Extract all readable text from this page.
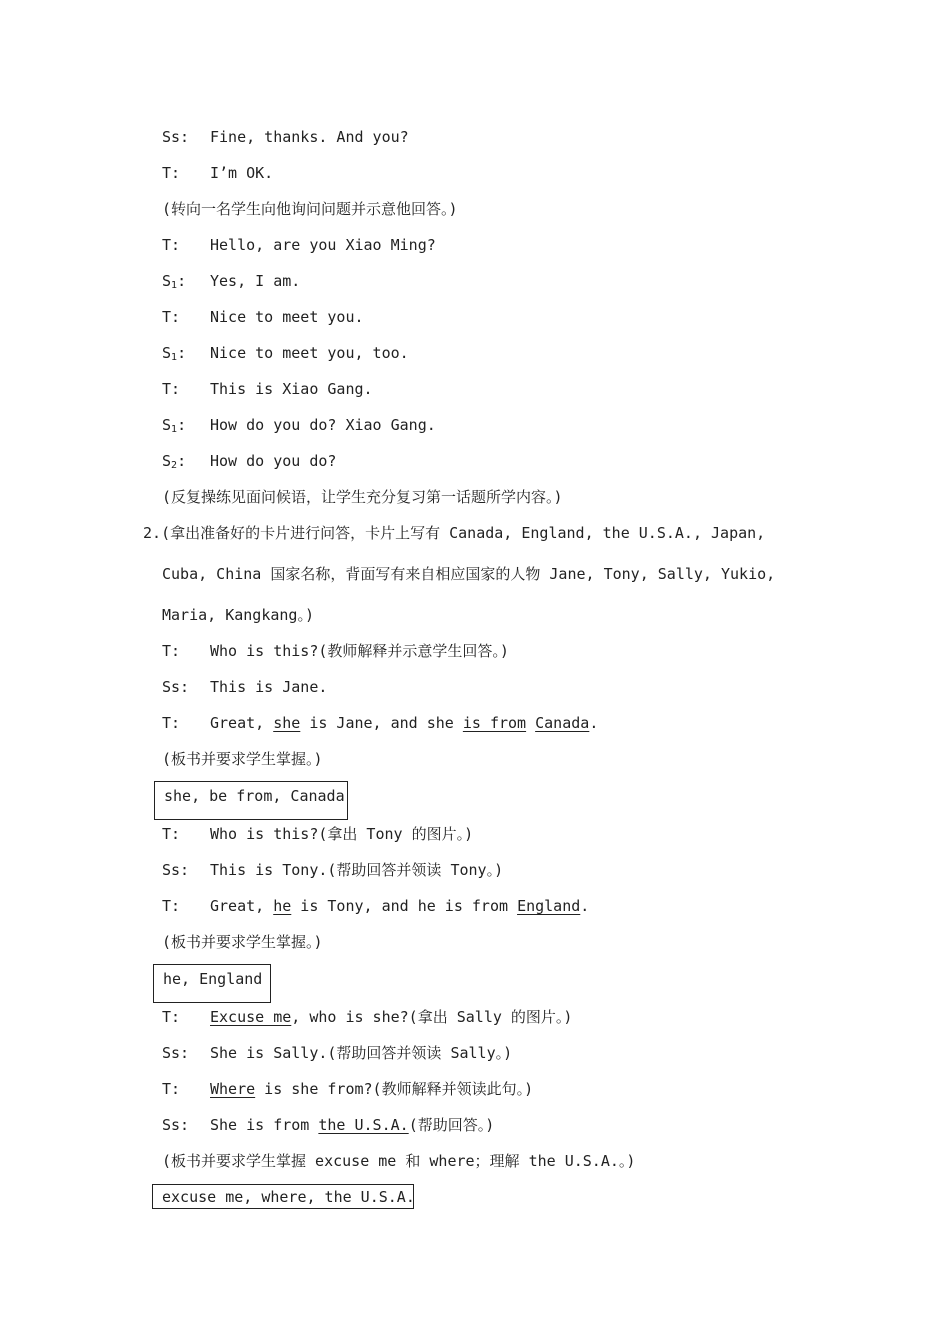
Ss: Fine, thanks. And you?
T: I’m OK.
(转向一名学生向他询问问题并示意他回答。)
T: Hello, are you Xiao Ming?
$S_1$: Yes, I am.
T: Nice to meet you.
$S_1$: Nice to meet you, too.
T: This is Xiao Gang.
$S_1$: How do you do? Xiao Gang.
$S_2$: How do you do?
(反复操练见面问候语，让学生充分复习第一话题所学内容。)
2.(拿出准备好的卡片进行问答，卡片上写有 Canada, England, the U.S.A., Japan,
Cuba, China 国家名称，背面写有来自相应国家的人物 Jane, Tony, Sally, Yukio,
Maria, Kangkang。)
T: Who is this?(教师解释并示意学生回答。)
Ss: This is Jane.
T: Great, she is Jane, and she is from Canada.
(板书并要求学生掌握。)
she, be from, Canada
T: Who is this?(拿出 Tony 的图片。)
Ss: This is Tony.(帮助回答并领读 Tony。)
T: Great, he is Tony, and he is from England.
(板书并要求学生掌握。)
he, England
T: Excuse me, who is she?(拿出 Sally 的图片。)
Ss: She is Sally.(帮助回答并领读 Sally。)
T: Where is she from?(教师解释并领读此句。)
Ss: She is from the U.S.A.(帮助回答。)
(板书并要求学生掌握 excuse me 和 where；理解 the U.S.A.。)
excuse me, where, the U.S.A.
